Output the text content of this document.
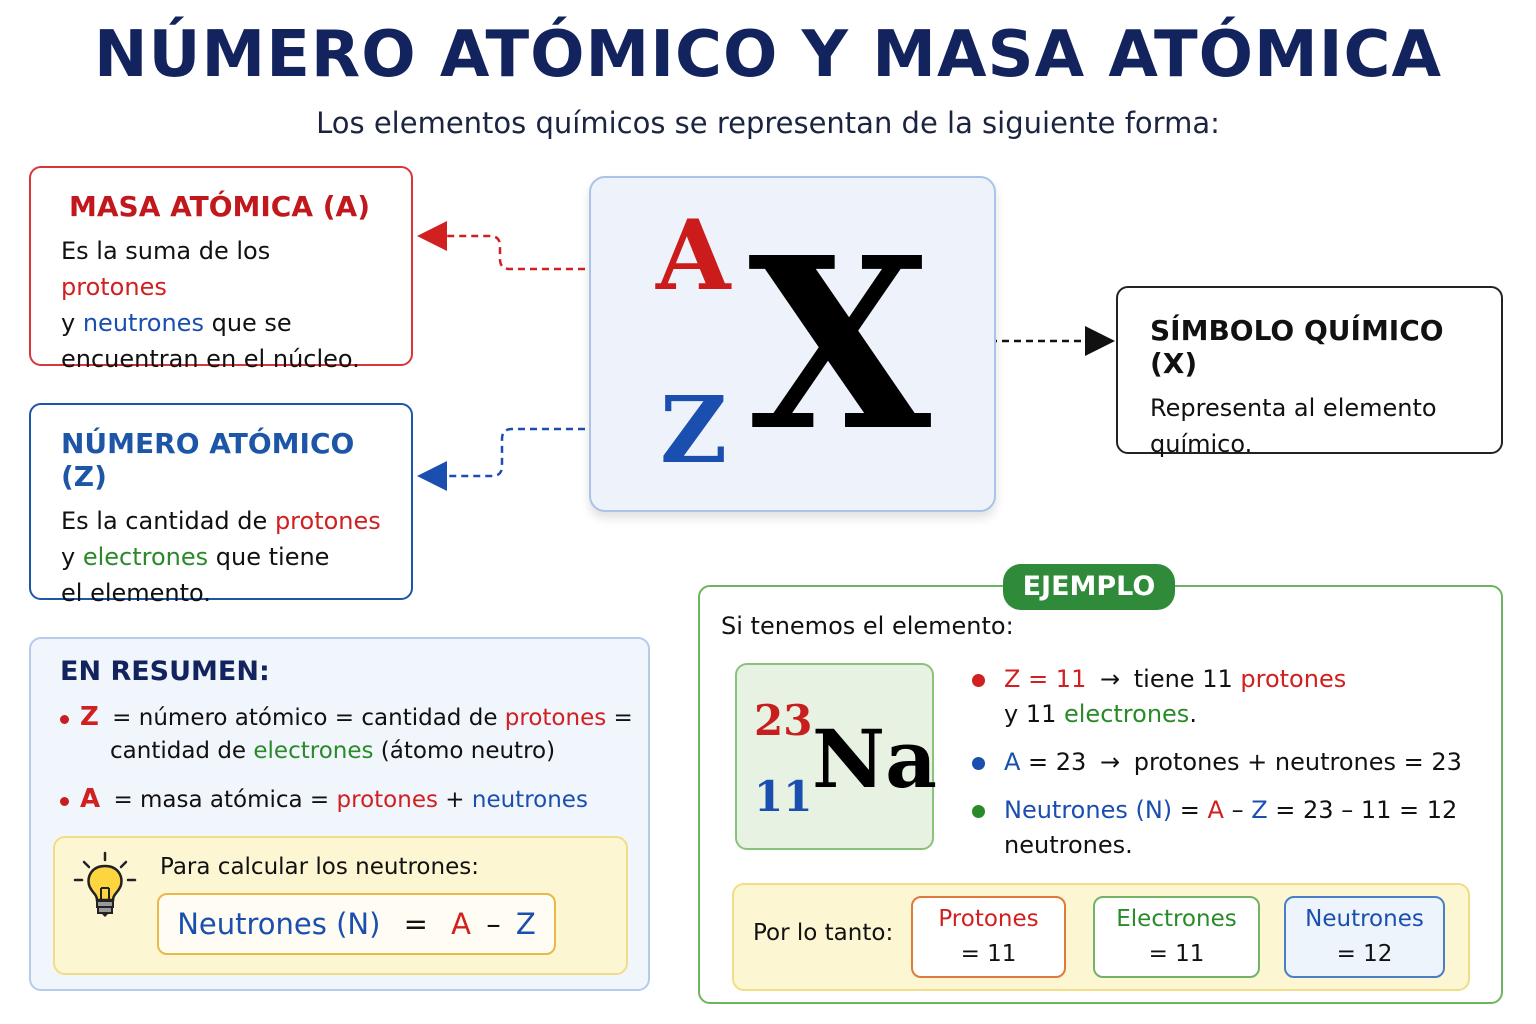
NÚMERO ATÓMICO Y MASA ATÓMICA
Los elementos químicos se representan de la siguiente forma:
MASA ATÓMICA (A)

Es la suma de los protones
y neutrones que se
encuentran en el núcleo.

NÚMERO ATÓMICO (Z)

Es la cantidad de protones
y electrones que tiene
el elemento.

A
Z X	SÍMBOLO QUÍMICO (X)

Representa al elemento
químico.

EN RESUMEN:
Z = número atómico = cantidad de protones =
cantidad de electrones (átomo neutro)
A = masa atómica = protones + neutrones
Para calcular los neutrones:
Neutrones (N) = A – Z
EJEMPLO
Si tenemos el elemento:
23
11 Na
Z = 11 → tiene 11 protones
y 11 electrones.
A = 23 → protones + neutrones = 23
Neutrones (N) = A – Z = 23 – 11 = 12
neutrones.
Por lo tanto:
Protones
= 11
Electrones
= 11
Neutrones
= 12
